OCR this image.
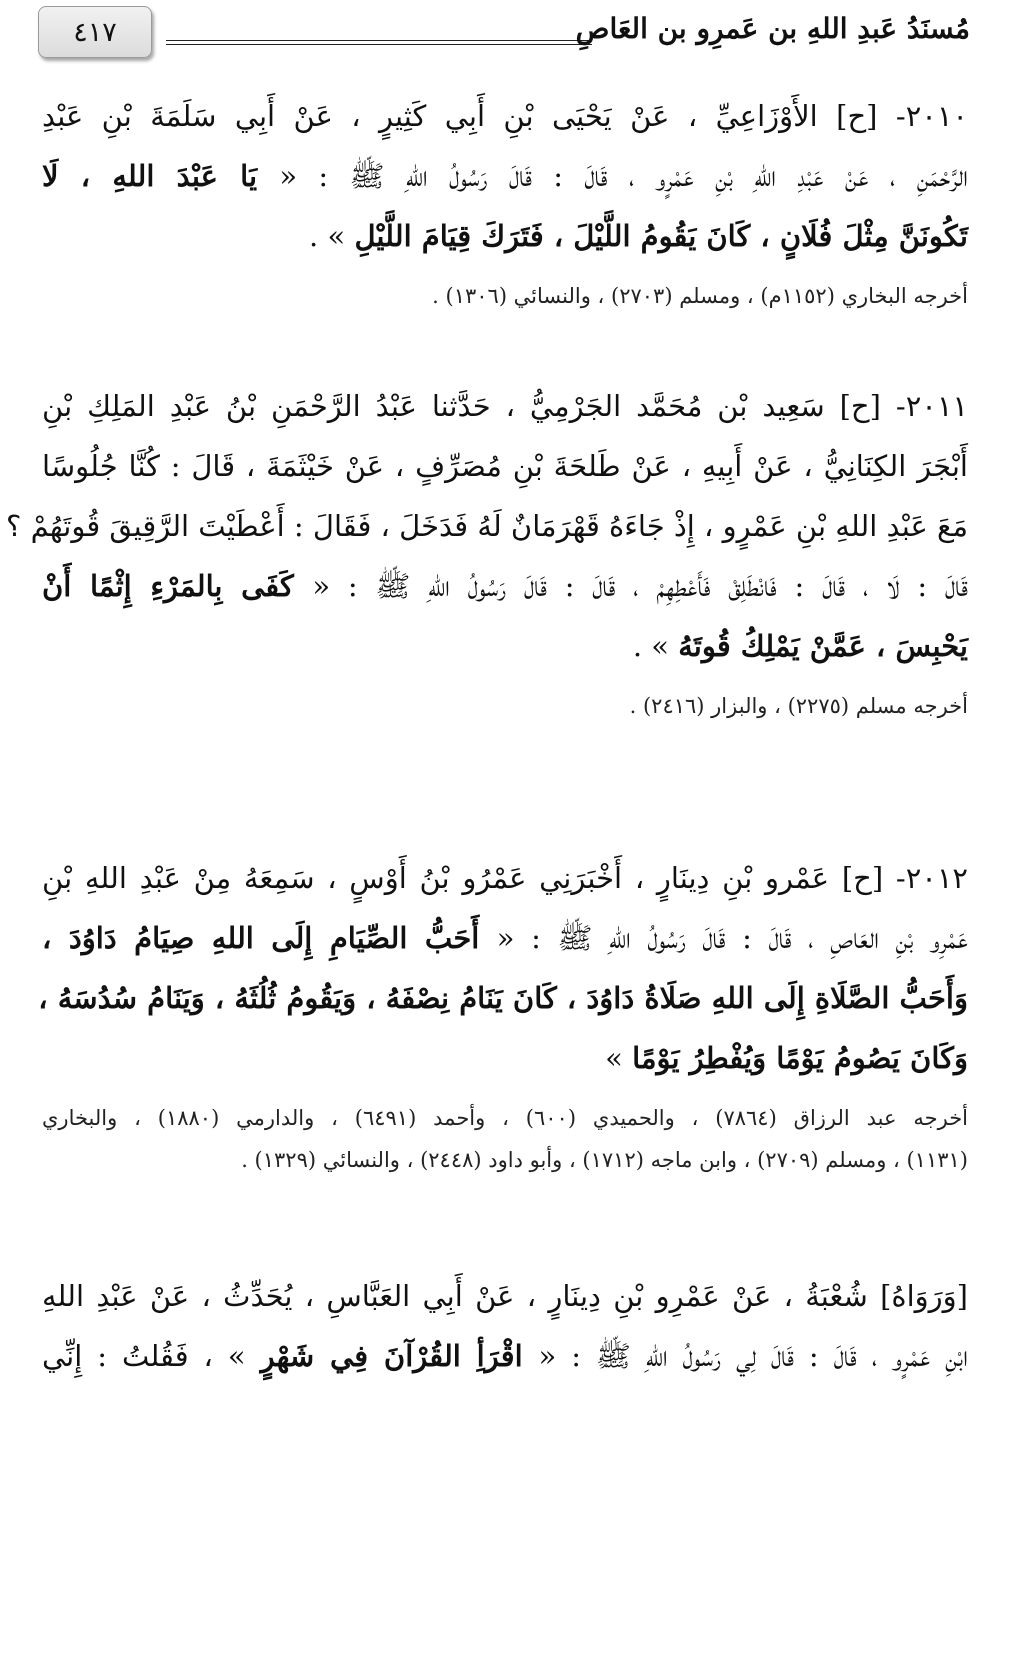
٤١٧	مُسنَدُ عَبدِ اللهِ بن عَمرِو بن العَاصِ
٢٠١٠- [ح] الأَوْزَاعِيِّ ، عَنْ يَحْيَى بْنِ أَبِي كَثِيرٍ ، عَنْ أَبِي سَلَمَةَ بْنِ عَبْدِ
الرَّحْمَنِ ، عَنْ عَبْدِ اللهِ بْنِ عَمْرٍو ، قَالَ : قَالَ رَسُولُ اللهِ ﷺ : « يَا عَبْدَ اللهِ ، لَا
تَكُونَنَّ مِثْلَ فُلَانٍ ، كَانَ يَقُومُ اللَّيْلَ ، فَتَرَكَ قِيَامَ اللَّيْلِ » .
أخرجه البخاري (١١٥٢م) ، ومسلم (٢٧٠٣) ، والنسائي (١٣٠٦) .
٢٠١١- [ح] سَعِيد بْن مُحَمَّد الجَرْمِيُّ ، حَدَّثنا عَبْدُ الرَّحْمَنِ بْنُ عَبْدِ المَلِكِ بْنِ
أَبْجَرَ الكِنَانِيُّ ، عَنْ أَبِيهِ ، عَنْ طَلحَةَ بْنِ مُصَرِّفٍ ، عَنْ خَيْثَمَةَ ، قَالَ : كُنَّا جُلُوسًا
مَعَ عَبْدِ اللهِ بْنِ عَمْرٍو ، إِذْ جَاءَهُ قَهْرَمَانٌ لَهُ فَدَخَلَ ، فَقَالَ : أَعْطَيْتَ الرَّقِيقَ قُوتَهُمْ ؟
قَالَ : لَا ، قَالَ : فَانْطَلِقْ فَأَعْطِهِمْ ، قَالَ : قَالَ رَسُولُ اللهِ ﷺ : « كَفَى بِالمَرْءِ إِثْمًا أَنْ
يَحْبِسَ ، عَمَّنْ يَمْلِكُ قُوتَهُ » .
أخرجه مسلم (٢٢٧٥) ، والبزار (٢٤١٦) .
٢٠١٢- [ح] عَمْرو بْنِ دِينَارٍ ، أَخْبَرَنِي عَمْرُو بْنُ أَوْسٍ ، سَمِعَهُ مِنْ عَبْدِ اللهِ بْنِ
عَمْرِو بْنِ العَاصِ ، قَالَ : قَالَ رَسُولُ اللهِ ﷺ : « أَحَبُّ الصِّيَامِ إِلَى اللهِ صِيَامُ دَاوُدَ ،
وَأَحَبُّ الصَّلَاةِ إِلَى اللهِ صَلَاةُ دَاوُدَ ، كَانَ يَنَامُ نِصْفَهُ ، وَيَقُومُ ثُلُثَهُ ، وَيَنَامُ سُدُسَهُ ،
وَكَانَ يَصُومُ يَوْمًا وَيُفْطِرُ يَوْمًا »
أخرجه عبد الرزاق (٧٨٦٤) ، والحميدي (٦٠٠) ، وأحمد (٦٤٩١) ، والدارمي (١٨٨٠) ، والبخاري
(١١٣١) ، ومسلم (٢٧٠٩) ، وابن ماجه (١٧١٢) ، وأبو داود (٢٤٤٨) ، والنسائي (١٣٢٩) .
[وَرَوَاهُ] شُعْبَةُ ، عَنْ عَمْرِو بْنِ دِينَارٍ ، عَنْ أَبِي العَبَّاسِ ، يُحَدِّثُ ، عَنْ عَبْدِ اللهِ
ابْنِ عَمْرٍو ، قَالَ : قَالَ لِي رَسُولُ اللهِ ﷺ : « اقْرَأِ القُرْآنَ فِي شَهْرٍ » ، فَقُلتُ : إِنِّي
